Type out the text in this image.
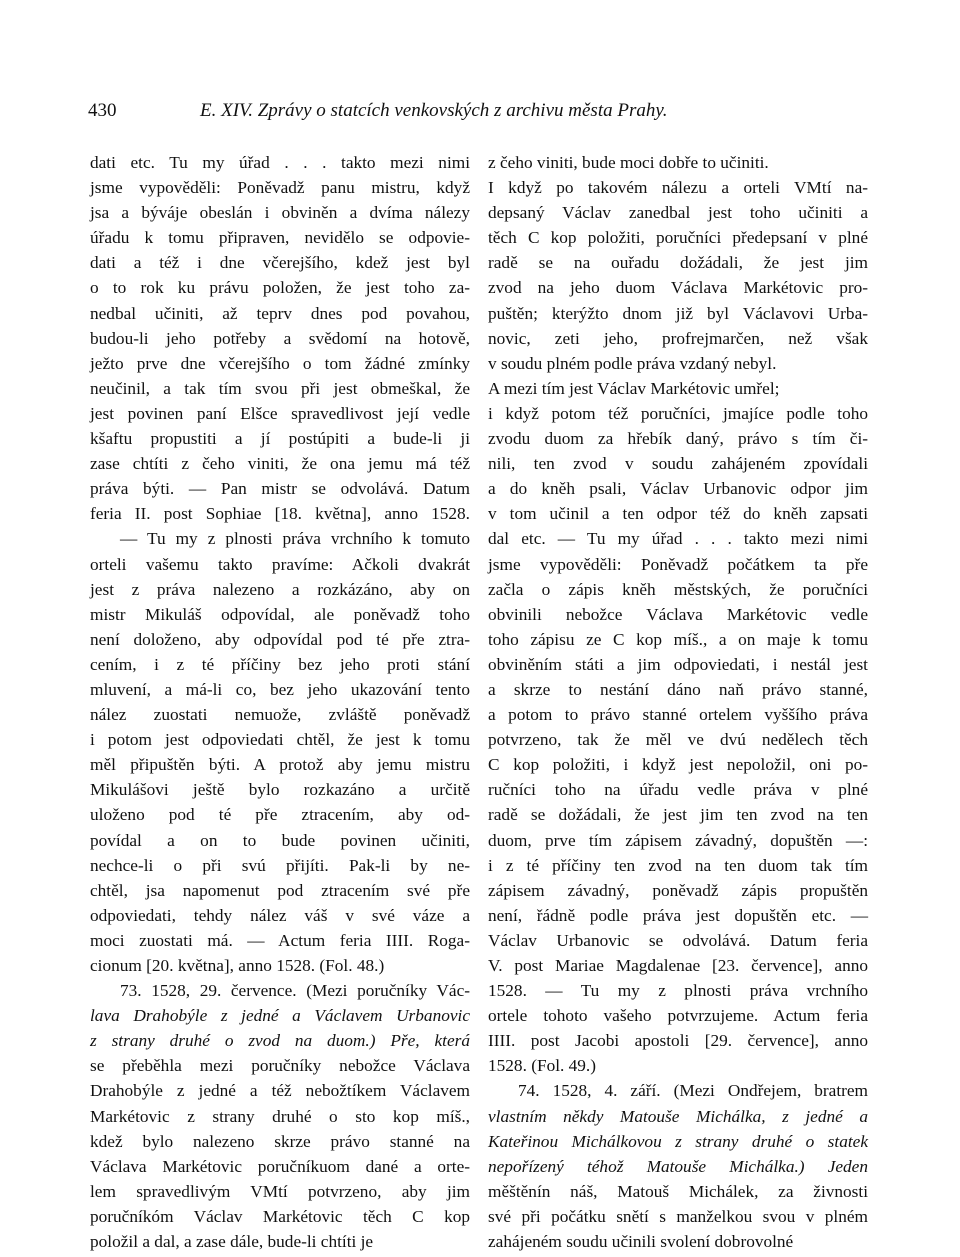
430	E. XIV. Zprávy o statcích venkovských z archivu města Prahy.
dati etc. Tu my úřad . . . takto mezi nimi
jsme vypověděli: Poněvadž panu mistru, když
jsa a býváje obeslán i obviněn a dvíma nálezy
úřadu k tomu připraven, nevidělo se odpovie-
dati a též i dne včerejšího, kdež jest byl
o to rok ku právu položen, že jest toho za-
nedbal učiniti, až teprv dnes pod povahou,
budou-li jeho potřeby a svědomí na hotově,
ježto prve dne včerejšího o tom žádné zmínky
neučinil, a tak tím svou při jest obmeškal, že
jest povinen paní Elšce spravedlivost její vedle
kšaftu propustiti a jí postúpiti a bude-li ji
zase chtíti z čeho viniti, že ona jemu má též
práva býti. — Pan mistr se odvolává. Datum
feria II. post Sophiae [18. května], anno 1528.
— Tu my z plnosti práva vrchního k tomuto
orteli vašemu takto pravíme: Ačkoli dvakrát
jest z práva nalezeno a rozkázáno, aby on
mistr Mikuláš odpovídal, ale poněvadž toho
není doloženo, aby odpovídal pod té pře ztra-
cením, i z té příčiny bez jeho proti stání
mluvení, a má-li co, bez jeho ukazování tento
nález zuostati nemuože, zvláště poněvadž
i potom jest odpoviedati chtěl, že jest k tomu
měl připuštěn býti. A protož aby jemu mistru
Mikulášovi ještě bylo rozkazáno a určitě
uloženo pod té pře ztracením, aby od-
povídal a on to bude povinen učiniti,
nechce-li o při svú přijíti. Pak-li by ne-
chtěl, jsa napomenut pod ztracením své pře
odpoviedati, tehdy nález váš v své váze a
moci zuostati má. — Actum feria IIII. Roga-
cionum [20. května], anno 1528. (Fol. 48.)
73. 1528, 29. července. (Mezi poručníky Vác-
lava Drahobýle z jedné a Václavem Urbanovic
z strany druhé o zvod na duom.) Pře, která
se přeběhla mezi poručníky nebožce Václava
Drahobýle z jedné a též nebožtíkem Václavem
Markétovic z strany druhé o sto kop míš.,
kdež bylo nalezeno skrze právo stanné na
Václava Markétovic poručníkuom dané a orte-
lem spravedlivým VMtí potvrzeno, aby jim
poručníkóm Václav Markétovic těch C kop
položil a dal, a zase dále, bude-li chtíti je
z čeho viniti, bude moci dobře to učiniti.
I když po takovém nálezu a orteli VMtí na-
depsaný Václav zanedbal jest toho učiniti a
těch C kop položiti, poručníci předepsaní v plné
radě se na ouřadu dožádali, že jest jim
zvod na jeho duom Václava Markétovic pro-
puštěn; kterýžto dnom již byl Václavovi Urba-
novic, zeti jeho, profrejmarčen, než však
v soudu plném podle práva vzdaný nebyl.
A mezi tím jest Václav Markétovic umřel;
i když potom též poručníci, jmajíce podle toho
zvodu duom za hřebík daný, právo s tím či-
nili, ten zvod v soudu zahájeném zpovídali
a do kněh psali, Václav Urbanovic odpor jim
v tom učinil a ten odpor též do kněh zapsati
dal etc. — Tu my úřad . . . takto mezi nimi
jsme vypověděli: Poněvadž počátkem ta pře
začla o zápis kněh městských, že poručníci
obvinili nebožce Václava Markétovic vedle
toho zápisu ze C kop míš., a on maje k tomu
obviněním státi a jim odpoviedati, i nestál jest
a skrze to nestání dáno naň právo stanné,
a potom to právo stanné ortelem vyššího práva
potvrzeno, tak že měl ve dvú nedělech těch
C kop položiti, i když jest nepoložil, oni po-
ručníci toho na úřadu vedle práva v plné
radě se dožádali, že jest jim ten zvod na ten
duom, prve tím zápisem závadný, dopuštěn —:
i z té příčiny ten zvod na ten duom tak tím
zápisem závadný, poněvadž zápis propuštěn
není, řádně podle práva jest dopuštěn etc. —
Václav Urbanovic se odvolává. Datum feria
V. post Mariae Magdalenae [23. července], anno
1528. — Tu my z plnosti práva vrchního
ortele tohoto vašeho potvrzujeme. Actum feria
IIII. post Jacobi apostoli [29. července], anno
1528. (Fol. 49.)
74. 1528, 4. září. (Mezi Ondřejem, bratrem
vlastním někdy Matouše Michálka, z jedné a
Kateřinou Michálkovou z strany druhé o statek
nepořízený téhož Matouše Michálka.) Jeden
měštěnín náš, Matouš Michálek, za živnosti
své při počátku snětí s manželkou svou v plném
zahájeném soudu učinili svolení dobrovolné
